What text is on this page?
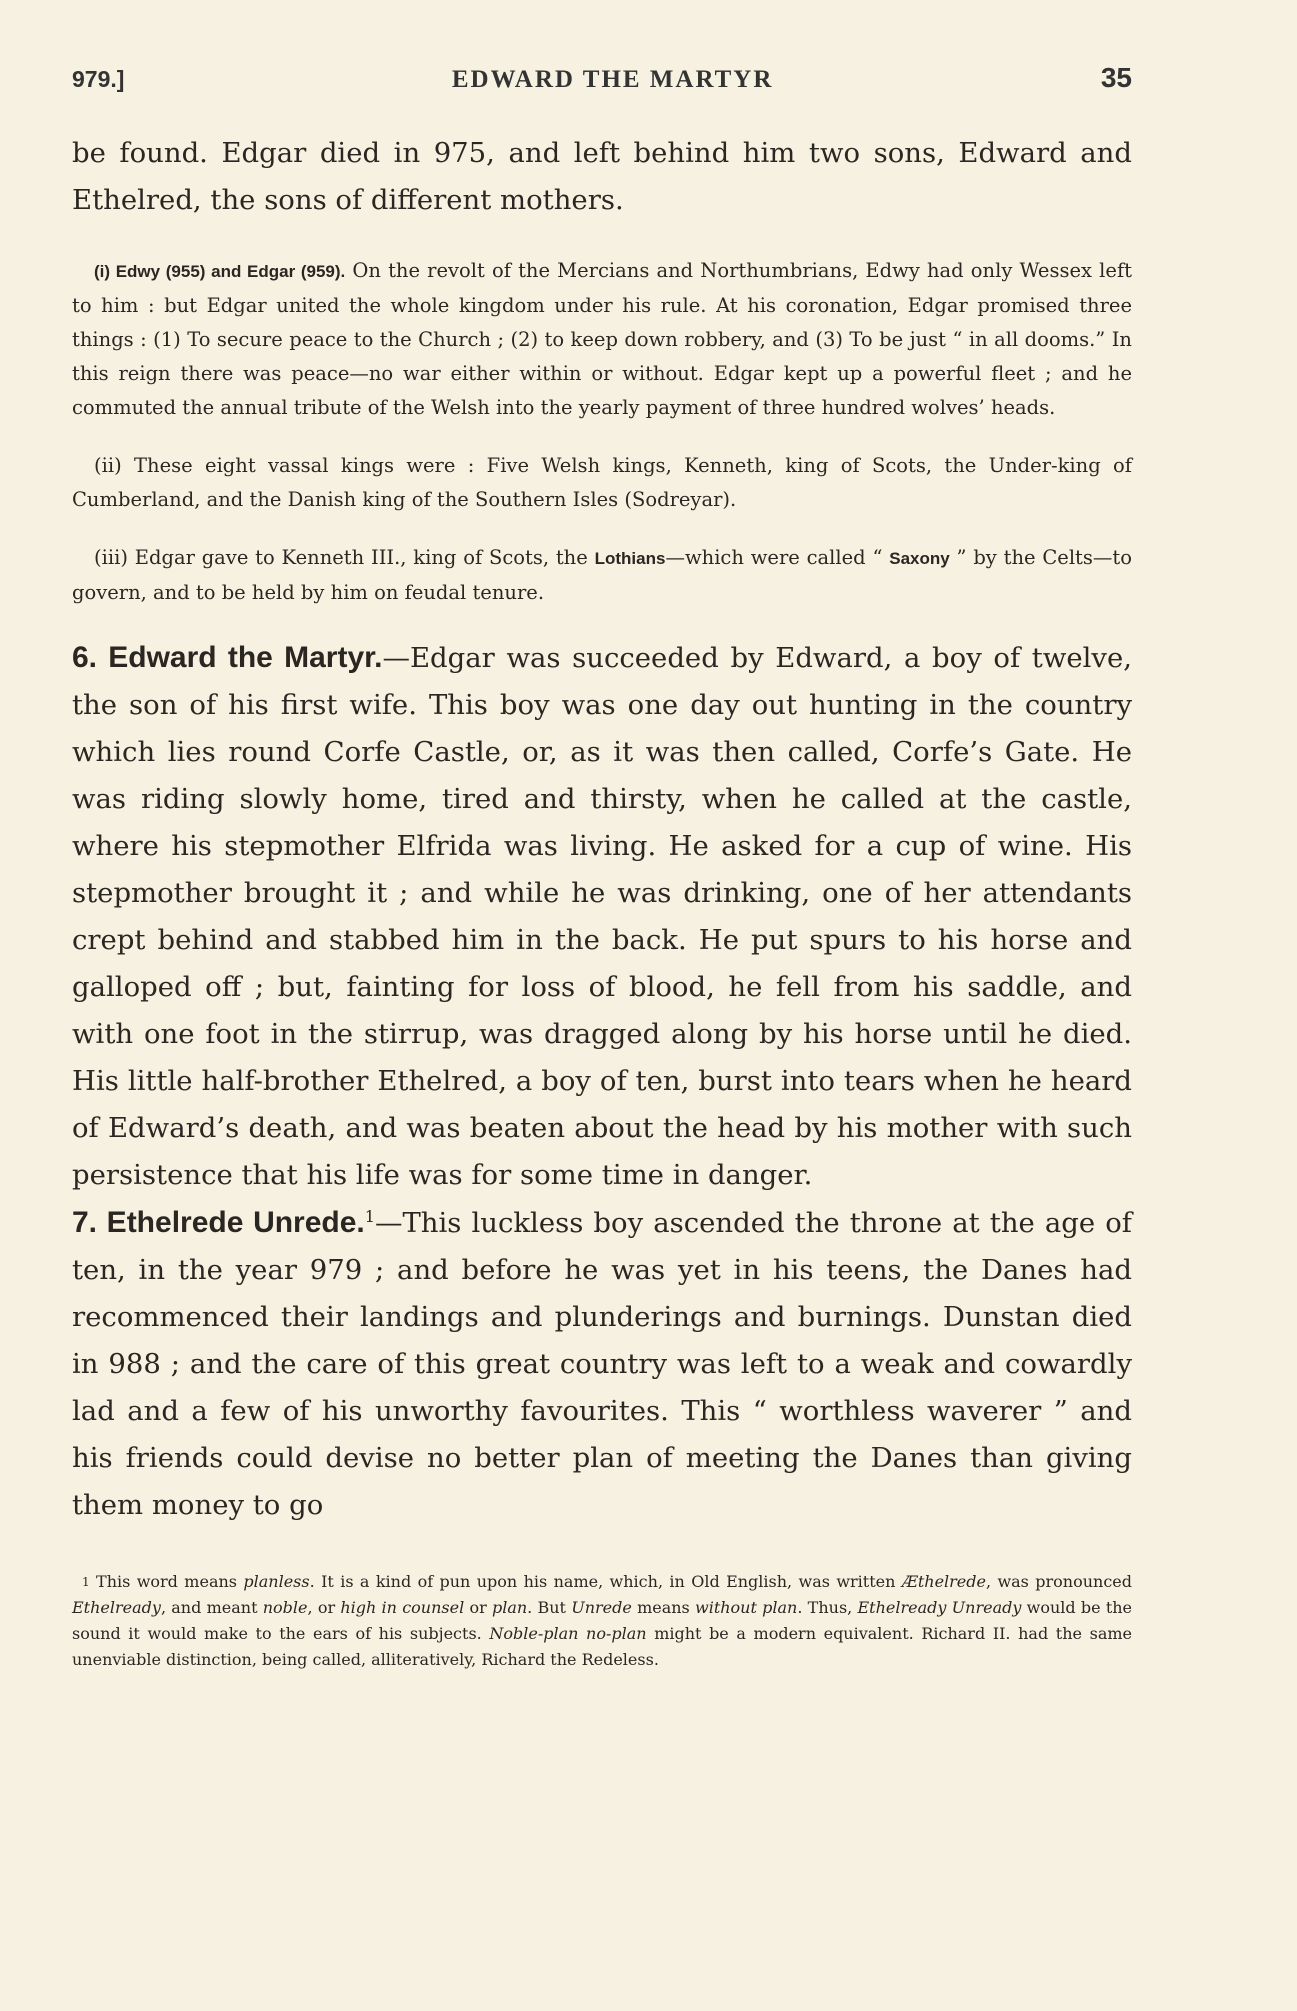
979.]	EDWARD THE MARTYR	35

be found. Edgar died in 975, and left behind him two sons, Edward and Ethelred, the sons of different mothers.

(i) Edwy (955) and Edgar (959). On the revolt of the Mercians and Northumbrians, Edwy had only Wessex left to him : but Edgar united the whole kingdom under his rule. At his coronation, Edgar promised three things : (1) To secure peace to the Church ; (2) to keep down robbery, and (3) To be just “ in all dooms.” In this reign there was peace—no war either within or without. Edgar kept up a powerful fleet ; and he commuted the annual tribute of the Welsh into the yearly payment of three hundred wolves’ heads.

(ii) These eight vassal kings were : Five Welsh kings, Kenneth, king of Scots, the Under-king of Cumberland, and the Danish king of the Southern Isles (Sodreyar).

(iii) Edgar gave to Kenneth III., king of Scots, the Lothians—which were called “ Saxony ” by the Celts—to govern, and to be held by him on feudal tenure.

6. Edward the Martyr.—Edgar was succeeded by Edward, a boy of twelve, the son of his first wife. This boy was one day out hunting in the country which lies round Corfe Castle, or, as it was then called, Corfe’s Gate. He was riding slowly home, tired and thirsty, when he called at the castle, where his stepmother Elfrida was living. He asked for a cup of wine. His stepmother brought it ; and while he was drinking, one of her attendants crept behind and stabbed him in the back. He put spurs to his horse and galloped off ; but, fainting for loss of blood, he fell from his saddle, and with one foot in the stirrup, was dragged along by his horse until he died. His little half-brother Ethelred, a boy of ten, burst into tears when he heard of Edward’s death, and was beaten about the head by his mother with such persistence that his life was for some time in danger.

7. Ethelrede Unrede.$^1$—This luckless boy ascended the throne at the age of ten, in the year 979 ; and before he was yet in his teens, the Danes had recommenced their landings and plunderings and burnings. Dunstan died in 988 ; and the care of this great country was left to a weak and cowardly lad and a few of his unworthy favourites. This “ worthless waverer ” and his friends could devise no better plan of meeting the Danes than giving them money to go

$^1$ This word means planless. It is a kind of pun upon his name, which, in Old English, was written Æthelrede, was pronounced Ethelready, and meant noble, or high in counsel or plan. But Unrede means without plan. Thus, Ethelready Unready would be the sound it would make to the ears of his subjects. Noble-plan no-plan might be a modern equivalent. Richard II. had the same unenviable distinction, being called, alliteratively, Richard the Redeless.
